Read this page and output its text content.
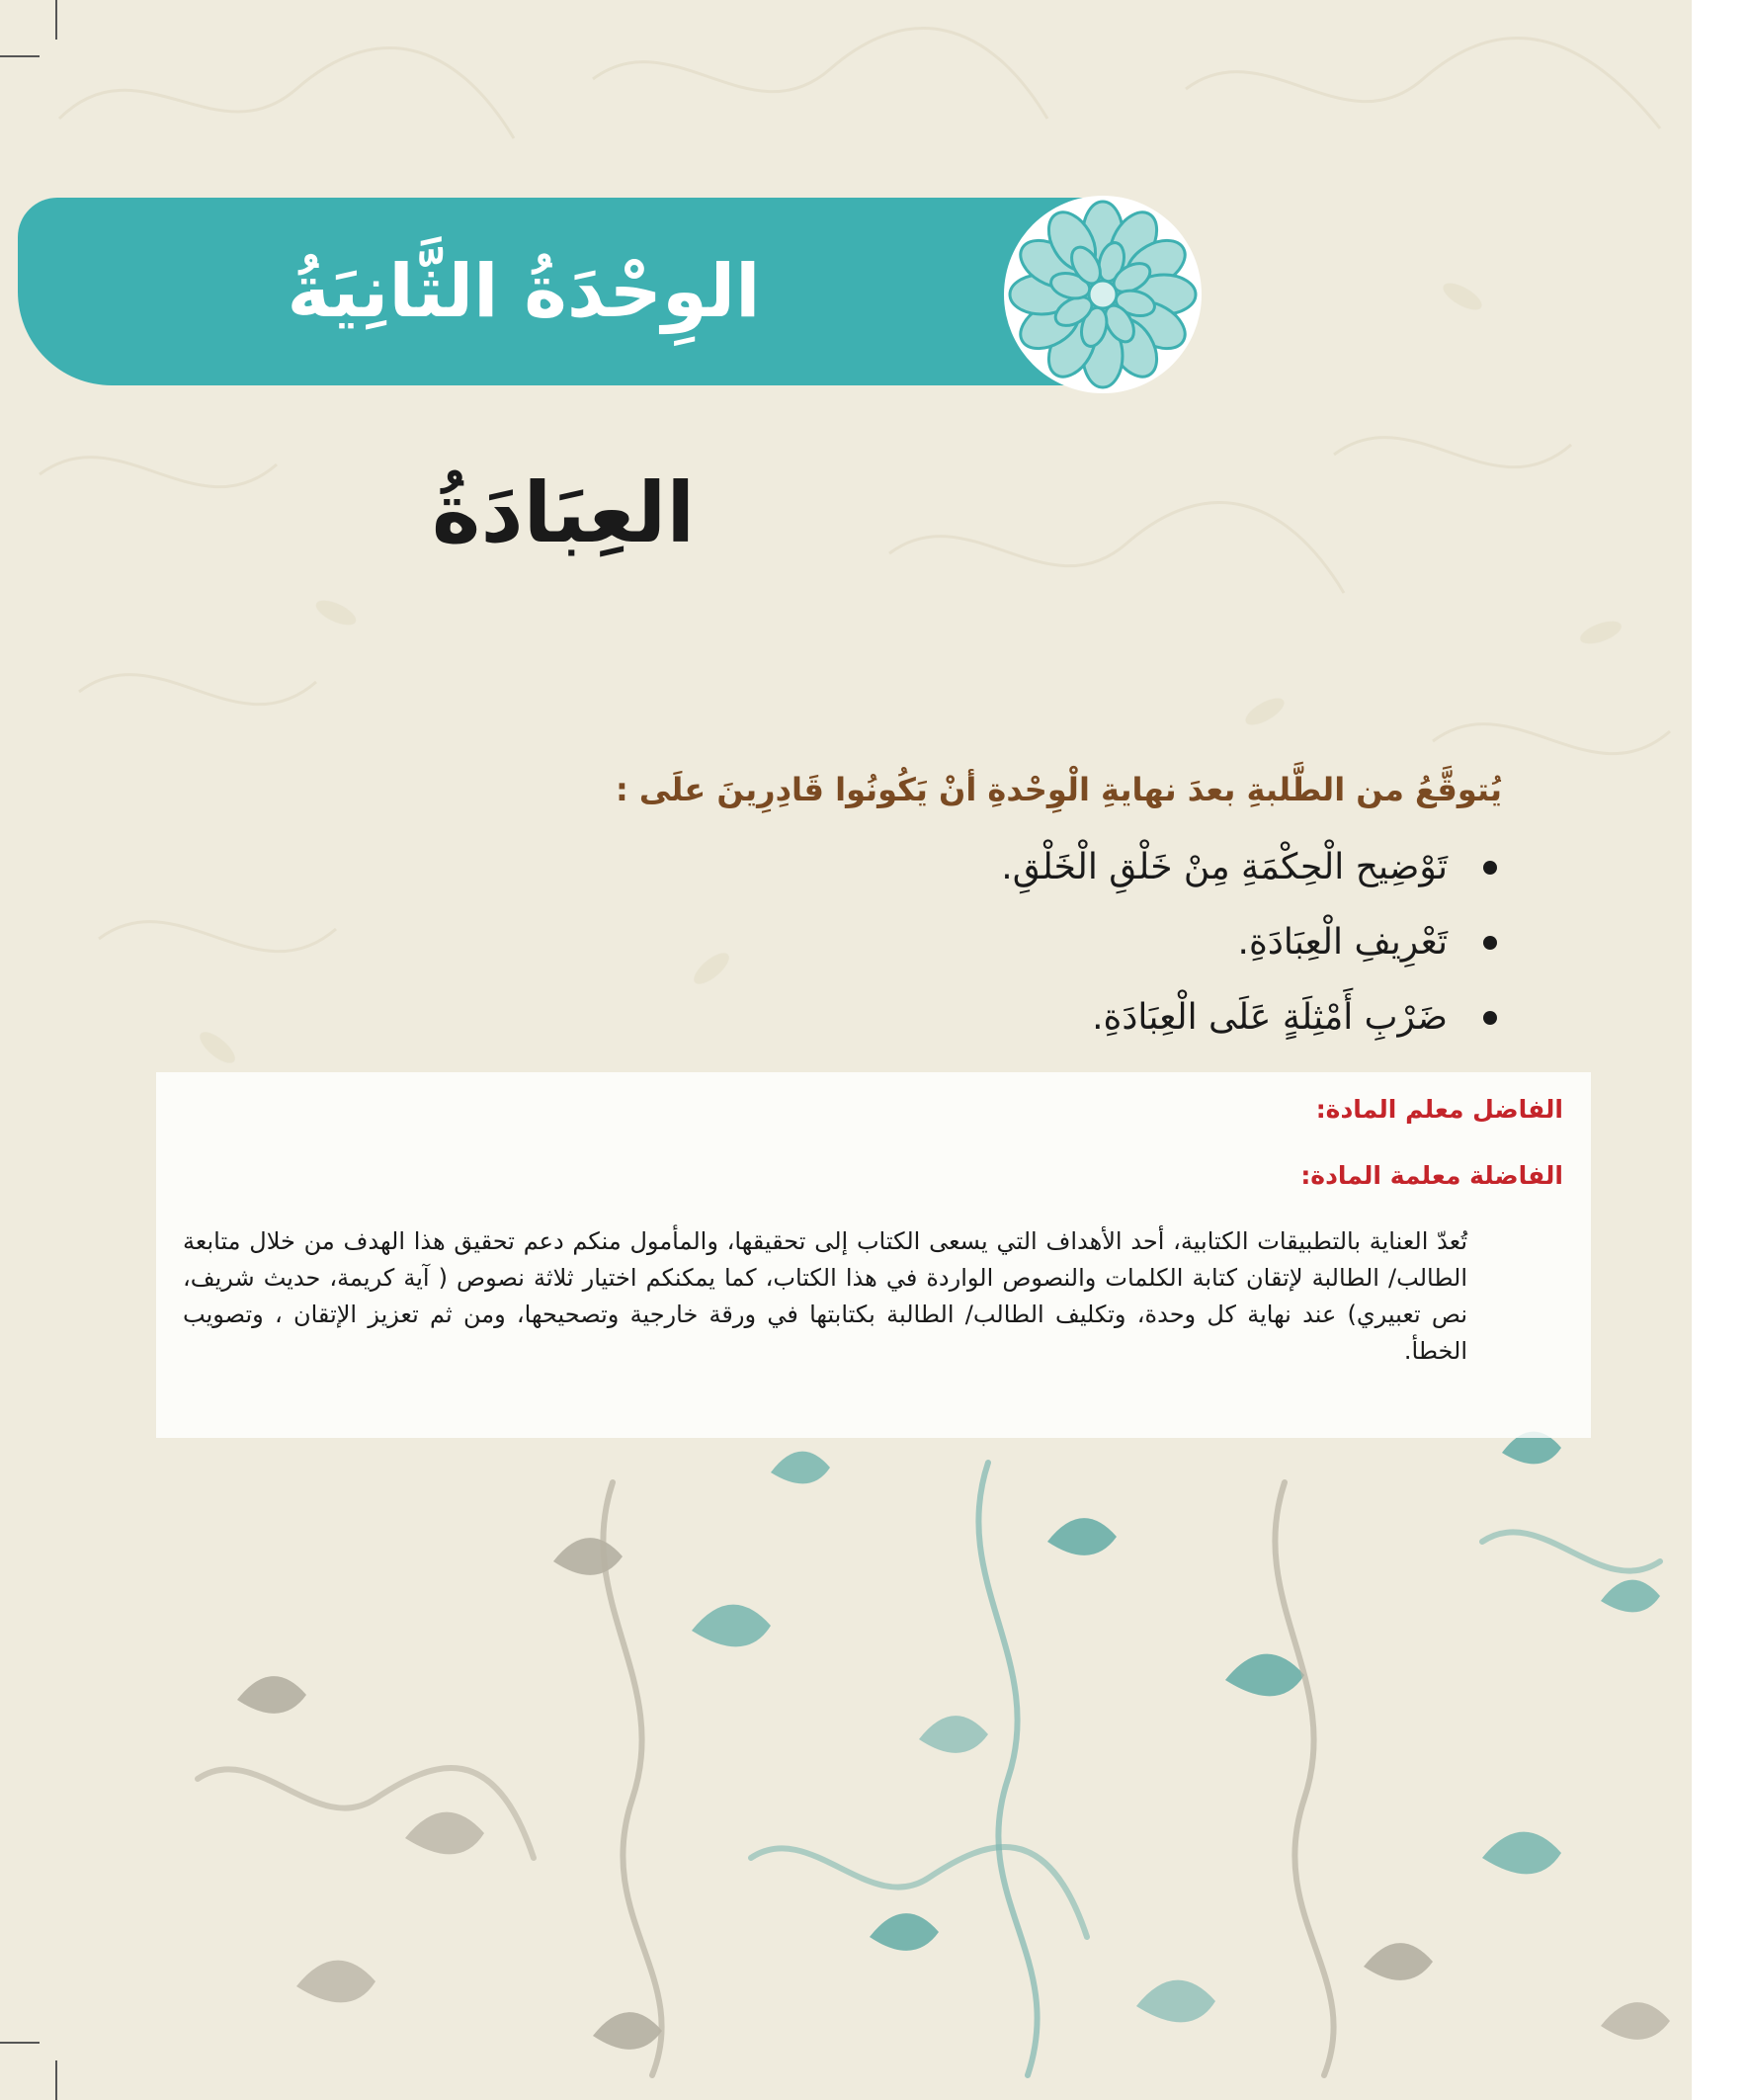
الوِحْدَةُ الثَّانِيَةُ
العِبَادَةُ

يُتوقَّعُ من الطَّلبةِ بعدَ نهايةِ الْوِحْدةِ أنْ يَكُونُوا قَادِرِينَ علَى :

تَوْضِيح الْحِكْمَةِ مِنْ خَلْقِ الْخَلْقِ.
تَعْرِيفِ الْعِبَادَةِ.
ضَرْبِ أَمْثِلَةٍ عَلَى الْعِبَادَةِ.
الفاضل معلم المادة:
الفاضلة معلمة المادة:
تُعدّ العناية بالتطبيقات الكتابية، أحد الأهداف التي يسعى الكتاب إلى تحقيقها، والمأمول منكم دعم تحقيق هذا الهدف من خلال متابعة الطالب/ الطالبة لإتقان كتابة الكلمات والنصوص الواردة في هذا الكتاب، كما يمكنكم اختيار ثلاثة نصوص ( آية كريمة، حديث شريف، نص تعبيري) عند نهاية كل وحدة، وتكليف الطالب/ الطالبة بكتابتها في ورقة خارجية وتصحيحها، ومن ثم تعزيز الإتقان ، وتصويب الخطأ.
